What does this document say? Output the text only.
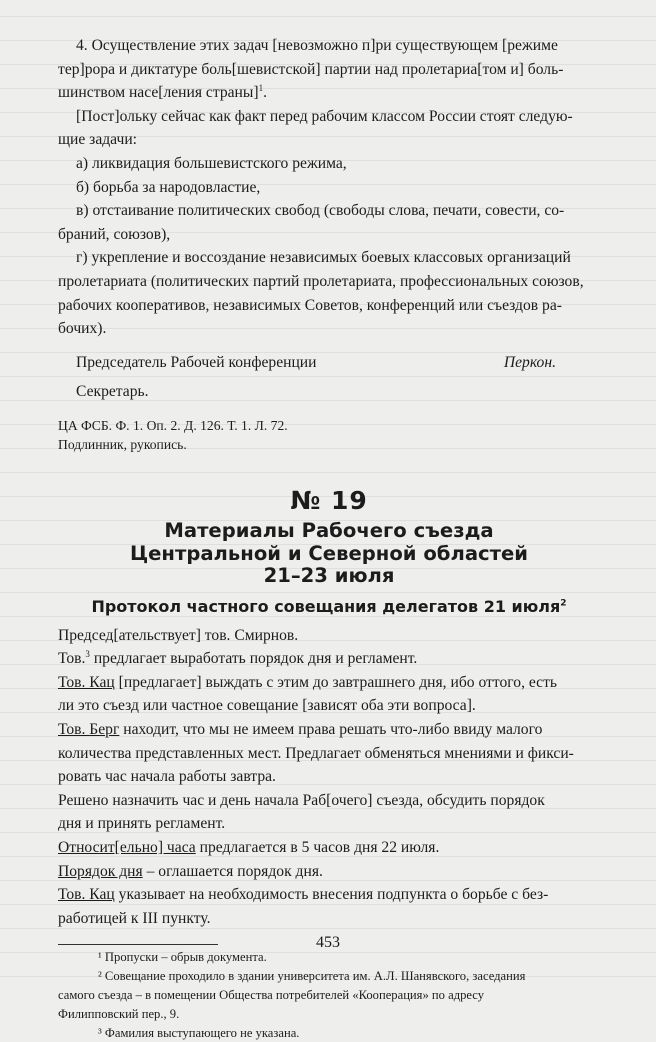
4. Осуществление этих задач [невозможно п]ри существующем [режиме

тер]рора и диктатуре боль[шевистской] партии над пролетариа[том и] боль-

шинством насе[ления страны]$^1$.

[Пост]ольку сейчас как факт перед рабочим классом России стоят следую-

щие задачи:

а) ликвидация большевистского режима,

б) борьба за народовластие,

в) отстаивание политических свобод (свободы слова, печати, совести, со-

браний, союзов),

г) укрепление и воссоздание независимых боевых классовых организаций

пролетариата (политических партий пролетариата, профессиональных союзов,

рабочих кооперативов, независимых Советов, конференций или съездов ра-

бочих).

Председатель Рабочей конференции	Перкон.

Секретарь.

ЦА ФСБ. Ф. 1. Оп. 2. Д. 126. Т. 1. Л. 72.
Подлинник, рукопись.
№ 19
Материалы Рабочего съезда
Центральной и Северной областей
21–23 июля
Протокол частного совещания делегатов 21 июля$^2$

Председ[ательствует] тов. Смирнов.

Тов.$^3$ предлагает выработать порядок дня и регламент.

Тов. Кац [предлагает] выждать с этим до завтрашнего дня, ибо оттого, есть

ли это съезд или частное совещание [зависят оба эти вопроса].

Тов. Берг находит, что мы не имеем права решать что-либо ввиду малого

количества представленных мест. Предлагает обменяться мнениями и фикси-

ровать час начала работы завтра.

Решено назначить час и день начала Раб[очего] съезда, обсудить порядок

дня и принять регламент.

Относит[ельно] часа предлагается в 5 часов дня 22 июля.

Порядок дня – оглашается порядок дня.

Тов. Кац указывает на необходимость внесения подпункта о борьбе с без-

работицей к III пункту.

¹ Пропуски – обрыв документа.
² Совещание проходило в здании университета им. А.Л. Шанявского, заседания
самого съезда – в помещении Общества потребителей «Кооперация» по адресу
Филипповский пер., 9.
³ Фамилия выступающего не указана.
453
